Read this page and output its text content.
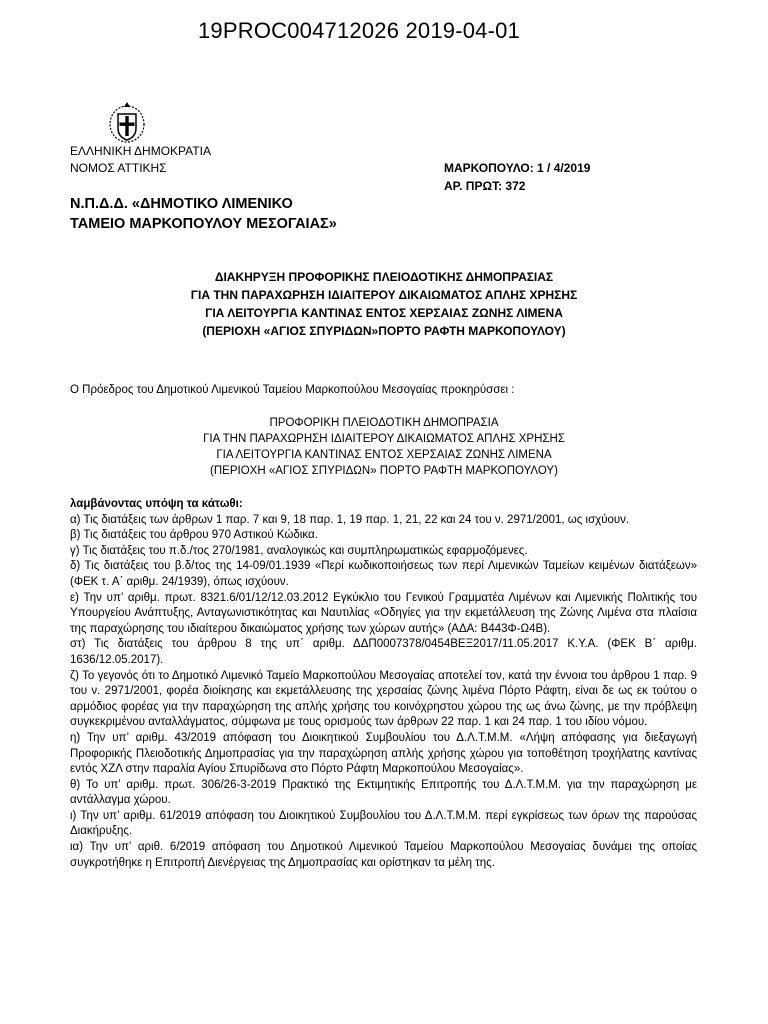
19PROC004712026 2019-04-01
ΕΛΛΗΝΙΚΗ ΔΗΜΟΚΡΑΤΙΑ
ΝΟΜΟΣ ΑΤΤΙΚΗΣ	ΜΑΡΚΟΠΟΥΛΟ: 1 / 4/2019
ΑΡ. ΠΡΩΤ: 372
Ν.Π.Δ.Δ. «ΔΗΜΟΤΙΚΟ ΛΙΜΕΝΙΚΟ
ΤΑΜΕΙΟ ΜΑΡΚΟΠΟΥΛΟΥ ΜΕΣΟΓΑΙΑΣ»
ΔΙΑΚΗΡΥΞΗ ΠΡΟΦΟΡΙΚΗΣ ΠΛΕΙΟΔΟΤΙΚΗΣ ΔΗΜΟΠΡΑΣΙΑΣ
ΓΙΑ ΤΗΝ ΠΑΡΑΧΩΡΗΣΗ ΙΔΙΑΙΤΕΡΟΥ ΔΙΚΑΙΩΜΑΤΟΣ ΑΠΛΗΣ ΧΡΗΣΗΣ
ΓΙΑ ΛΕΙΤΟΥΡΓΙΑ ΚΑΝΤΙΝΑΣ ΕΝΤΟΣ ΧΕΡΣΑΙΑΣ ΖΩΝΗΣ ΛΙΜΕΝΑ
(ΠΕΡΙΟΧΗ «ΑΓΙΟΣ ΣΠΥΡΙΔΩΝ»ΠΟΡΤΟ ΡΑΦΤΗ ΜΑΡΚΟΠΟΥΛΟΥ)
Ο Πρόεδρος του Δημοτικού Λιμενικού Ταμείου Μαρκοπούλου Μεσογαίας προκηρύσσει :
ΠΡΟΦΟΡΙΚΗ ΠΛΕΙΟΔΟΤΙΚΗ ΔΗΜΟΠΡΑΣΙΑ
ΓΙΑ ΤΗΝ ΠΑΡΑΧΩΡΗΣΗ ΙΔΙΑΙΤΕΡΟΥ ΔΙΚΑΙΩΜΑΤΟΣ ΑΠΛΗΣ ΧΡΗΣΗΣ
ΓΙΑ ΛΕΙΤΟΥΡΓΙΑ ΚΑΝΤΙΝΑΣ ΕΝΤΟΣ ΧΕΡΣΑΙΑΣ ΖΩΝΗΣ ΛΙΜΕΝΑ
(ΠΕΡΙΟΧΗ «ΑΓΙΟΣ ΣΠΥΡΙΔΩΝ» ΠΟΡΤΟ ΡΑΦΤΗ ΜΑΡΚΟΠΟΥΛΟΥ)

λαμβάνοντας υπόψη τα κάτωθι:

α) Τις διατάξεις των άρθρων 1 παρ. 7 και 9, 18 παρ. 1, 19 παρ. 1, 21, 22 και 24 του ν. 2971/2001, ως ισχύουν.

β) Τις διατάξεις του άρθρου 970 Αστικού Κώδικα.

γ) Τις διατάξεις του π.δ./τος 270/1981, αναλογικώς και συμπληρωματικώς εφαρμοζόμενες.

δ) Τις διατάξεις του β.δ/τος της 14-09/01.1939 «Περί κωδικοποιήσεως των περί Λιμενικών Ταμείων κειμένων διατάξεων» (ΦΕΚ τ. Α΄ αριθμ. 24/1939), όπως ισχύουν.

ε) Την υπ’ αριθμ. πρωτ. 8321.6/01/12/12.03.2012 Εγκύκλιο του Γενικού Γραμματέα Λιμένων και Λιμενικής Πολιτικής του Υπουργείου Ανάπτυξης, Ανταγωνιστικότητας και Ναυτιλίας «Οδηγίες για την εκμετάλλευση της Ζώνης Λιμένα στα πλαίσια της παραχώρησης του ιδιαίτερου δικαιώματος χρήσης των χώρων αυτής» (ΑΔΑ: Β443Φ-Ω4Β).

στ) Τις διατάξεις του άρθρου 8 της υπ΄ αριθμ. ΔΔΠ0007378/0454ΒΕΞ2017/11.05.2017 Κ.Υ.Α. (ΦΕΚ Β΄ αριθμ. 1636/12.05.2017).

ζ) Το γεγονός ότι το Δημοτικό Λιμενικό Ταμείο Μαρκοπούλου Μεσογαίας αποτελεί τον, κατά την έννοια του άρθρου 1 παρ. 9 του ν. 2971/2001, φορέα διοίκησης και εκμετάλλευσης της χερσαίας ζώνης λιμένα Πόρτο Ράφτη, είναι δε ως εκ τούτου ο αρμόδιος φορέας για την παραχώρηση της απλής χρήσης του κοινόχρηστου χώρου της ως άνω ζώνης, με την πρόβλεψη συγκεκριμένου ανταλλάγματος, σύμφωνα με τους ορισμούς των άρθρων 22 παρ. 1 και 24 παρ. 1 του ιδίου νόμου.

η) Την υπ’ αριθμ. 43/2019 απόφαση του Διοικητικού Συμβουλίου του Δ.Λ.Τ.Μ.Μ. «Λήψη απόφασης για διεξαγωγή Προφορικής Πλειοδοτικής Δημοπρασίας για την παραχώρηση απλής χρήσης χώρου για τοποθέτηση τροχήλατης καντίνας εντός ΧΖΛ στην παραλία Αγίου Σπυρίδωνα στο Πόρτο Ράφτη Μαρκοπούλου Μεσογαίας».

θ) Το υπ’ αριθμ. πρωτ. 306/26-3-2019 Πρακτικό της Εκτιμητικής Επιτροπής του Δ.Λ.Τ.Μ.Μ. για την παραχώρηση με αντάλλαγμα χώρου.

ι) Την υπ’ αριθμ. 61/2019 απόφαση του Διοικητικού Συμβουλίου του Δ.Λ.Τ.Μ.Μ. περί εγκρίσεως των όρων της παρούσας Διακήρυξης.

ια) Την υπ’ αριθ. 6/2019 απόφαση του Δημοτικού Λιμενικού Ταμείου Μαρκοπούλου Μεσογαίας δυνάμει της οποίας συγκροτήθηκε η Επιτροπή Διενέργειας της Δημοπρασίας και ορίστηκαν τα μέλη της.
